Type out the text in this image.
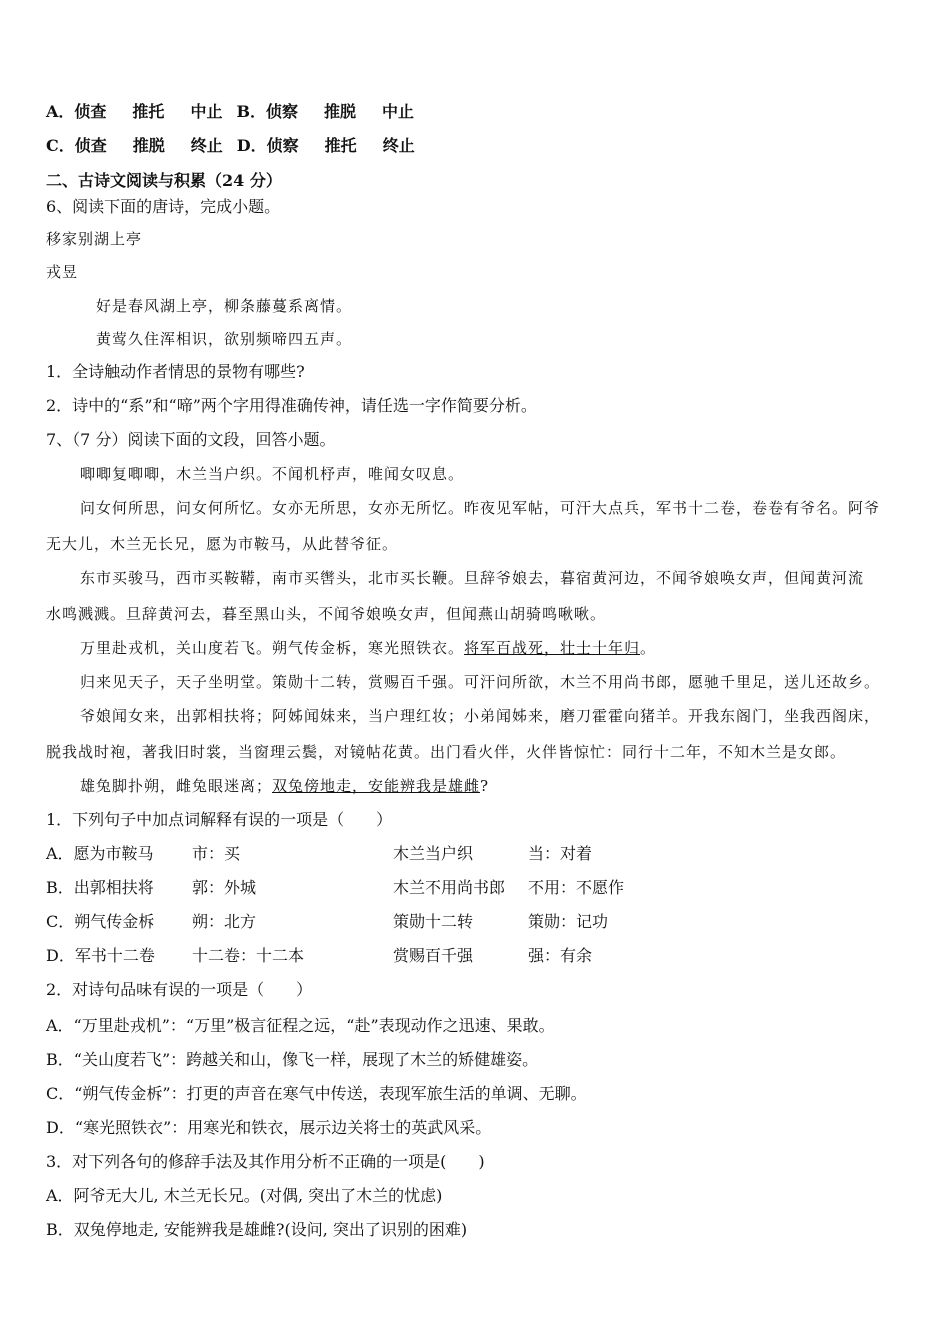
A．侦查 推托 中止 B．侦察 推脱 中止
C．侦查 推脱 终止 D．侦察 推托 终止
二、古诗文阅读与积累（24 分）
6、阅读下面的唐诗，完成小题。
移家别湖上亭
戎昱
好是春风湖上亭，柳条藤蔓系离情。
黄莺久住浑相识，欲别频啼四五声。
1．全诗触动作者情思的景物有哪些?
2．诗中的“系”和“啼”两个字用得准确传神，请任选一字作简要分析。
7、（7 分）阅读下面的文段，回答小题。
唧唧复唧唧，木兰当户织。不闻机杼声，唯闻女叹息。
问女何所思，问女何所忆。女亦无所思，女亦无所忆。昨夜见军帖，可汗大点兵，军书十二卷，卷卷有爷名。阿爷
无大儿，木兰无长兄，愿为市鞍马，从此替爷征。
东市买骏马，西市买鞍鞯，南市买辔头，北市买长鞭。旦辞爷娘去，暮宿黄河边，不闻爷娘唤女声，但闻黄河流
水鸣溅溅。旦辞黄河去，暮至黑山头，不闻爷娘唤女声，但闻燕山胡骑鸣啾啾。
万里赴戎机，关山度若飞。朔气传金柝，寒光照铁衣。将军百战死，壮士十年归。
归来见天子，天子坐明堂。策勋十二转，赏赐百千强。可汗问所欲，木兰不用尚书郎，愿驰千里足，送儿还故乡。
爷娘闻女来，出郭相扶将；阿姊闻妹来，当户理红妆；小弟闻姊来，磨刀霍霍向猪羊。开我东阁门，坐我西阁床，
脱我战时袍，著我旧时裳，当窗理云鬓，对镜帖花黄。出门看火伴，火伴皆惊忙：同行十二年，不知木兰是女郎。
雄兔脚扑朔，雌兔眼迷离；双兔傍地走，安能辨我是雄雌?
1．下列句子中加点词解释有误的一项是（　　）
A．愿为市鞍马 市：买	木兰当户织	当：对着
B．出郭相扶将 郭：外城	木兰不用尚书郎 不用：不愿作
C．朔气传金柝 朔：北方	策勋十二转	策勋：记功
D．军书十二卷 十二卷：十二本	赏赐百千强	强：有余
2．对诗句品味有误的一项是（　　）
A．“万里赴戎机”：“万里”极言征程之远，“赴”表现动作之迅速、果敢。
B．“关山度若飞”：跨越关和山，像飞一样，展现了木兰的矫健雄姿。
C．“朔气传金柝”：打更的声音在寒气中传送，表现军旅生活的单调、无聊。
D．“寒光照铁衣”：用寒光和铁衣，展示边关将士的英武风采。
3．对下列各句的修辞手法及其作用分析不正确的一项是(　　)
A．阿爷无大儿, 木兰无长兄。(对偶, 突出了木兰的忧虑)
B．双兔停地走, 安能辨我是雄雌?(设问, 突出了识别的困难)
